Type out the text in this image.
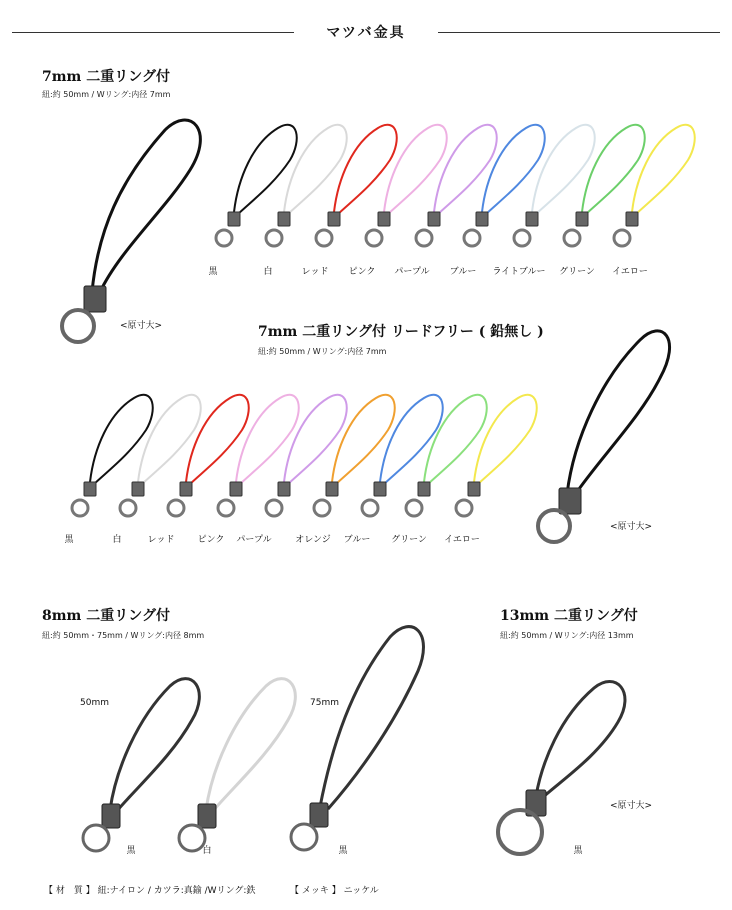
マツバ金具
7mm 二重リング付
紐:約 50mm / Wリング:内径 7mm
<原寸大>
黒	白	レッド ピンク パープル ブルー ライトブルー グリーン イエロー
7mm 二重リング付 リードフリー ( 鉛無し )
紐:約 50mm / Wリング:内径 7mm
黒	白	レッド	ピンク パープル	オレンジ ブルー グリーン イエロー
<原寸大>
8mm 二重リング付
紐:約 50mm・75mm / Wリング:内径 8mm
50mm	75mm
黒	白	黒
13mm 二重リング付
紐:約 50mm / Wリング:内径 13mm
<原寸大>
黒
【 材　質 】 紐:ナイロン / カツラ:真鍮 /Wリング:鉄	【 メッキ 】 ニッケル
